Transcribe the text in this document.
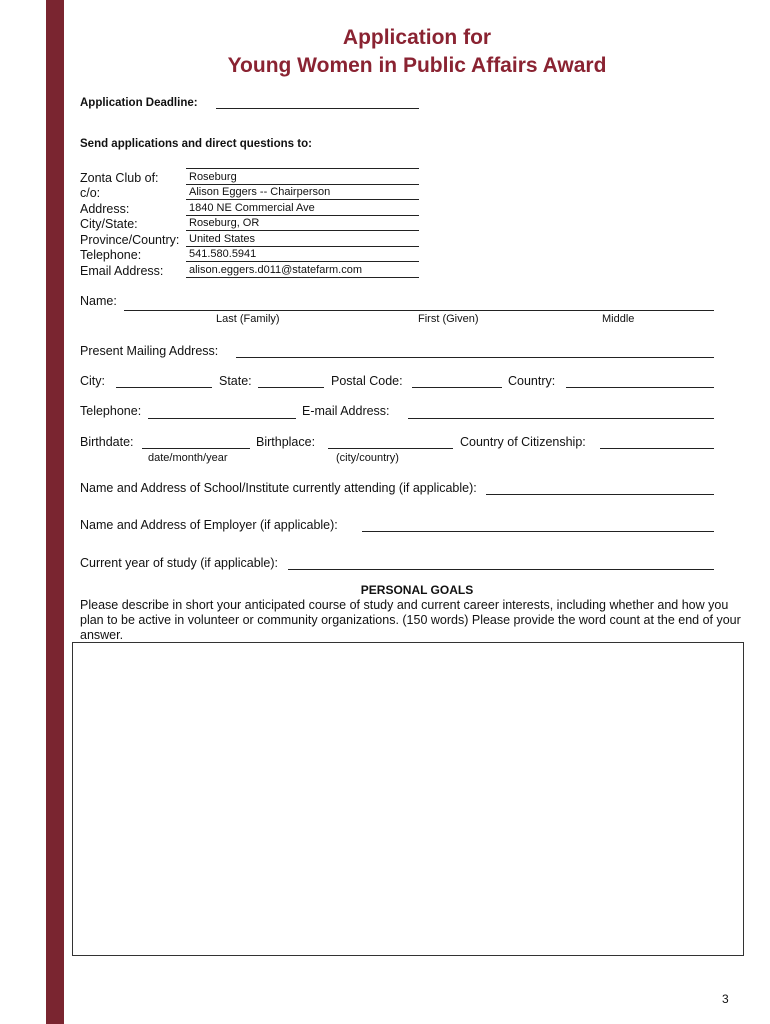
Application for
Young Women in Public Affairs Award
Application Deadline:
Send applications and direct questions to:
Zonta Club of:	Roseburg
c/o:	Alison Eggers -- Chairperson
Address:	1840 NE Commercial Ave
City/State:	Roseburg, OR
Province/Country: United States
Telephone:	541.580.5941
Email Address: alison.eggers.d011@statefarm.com
Name:
Last (Family)	First (Given)	Middle
Present Mailing Address:
City:	State:	Postal Code:	Country:
Telephone:	E-mail Address:
Birthdate:
date/month/year
Birthplace:
(city/country)
Country of Citizenship:
Name and Address of School/Institute currently attending (if applicable):
Name and Address of Employer (if applicable):
Current year of study (if applicable):
PERSONAL GOALS
Please describe in short your anticipated course of study and current career interests, including whether and how you plan to be active in volunteer or community organizations. (150 words) Please provide the word count at the end of your answer.
3
